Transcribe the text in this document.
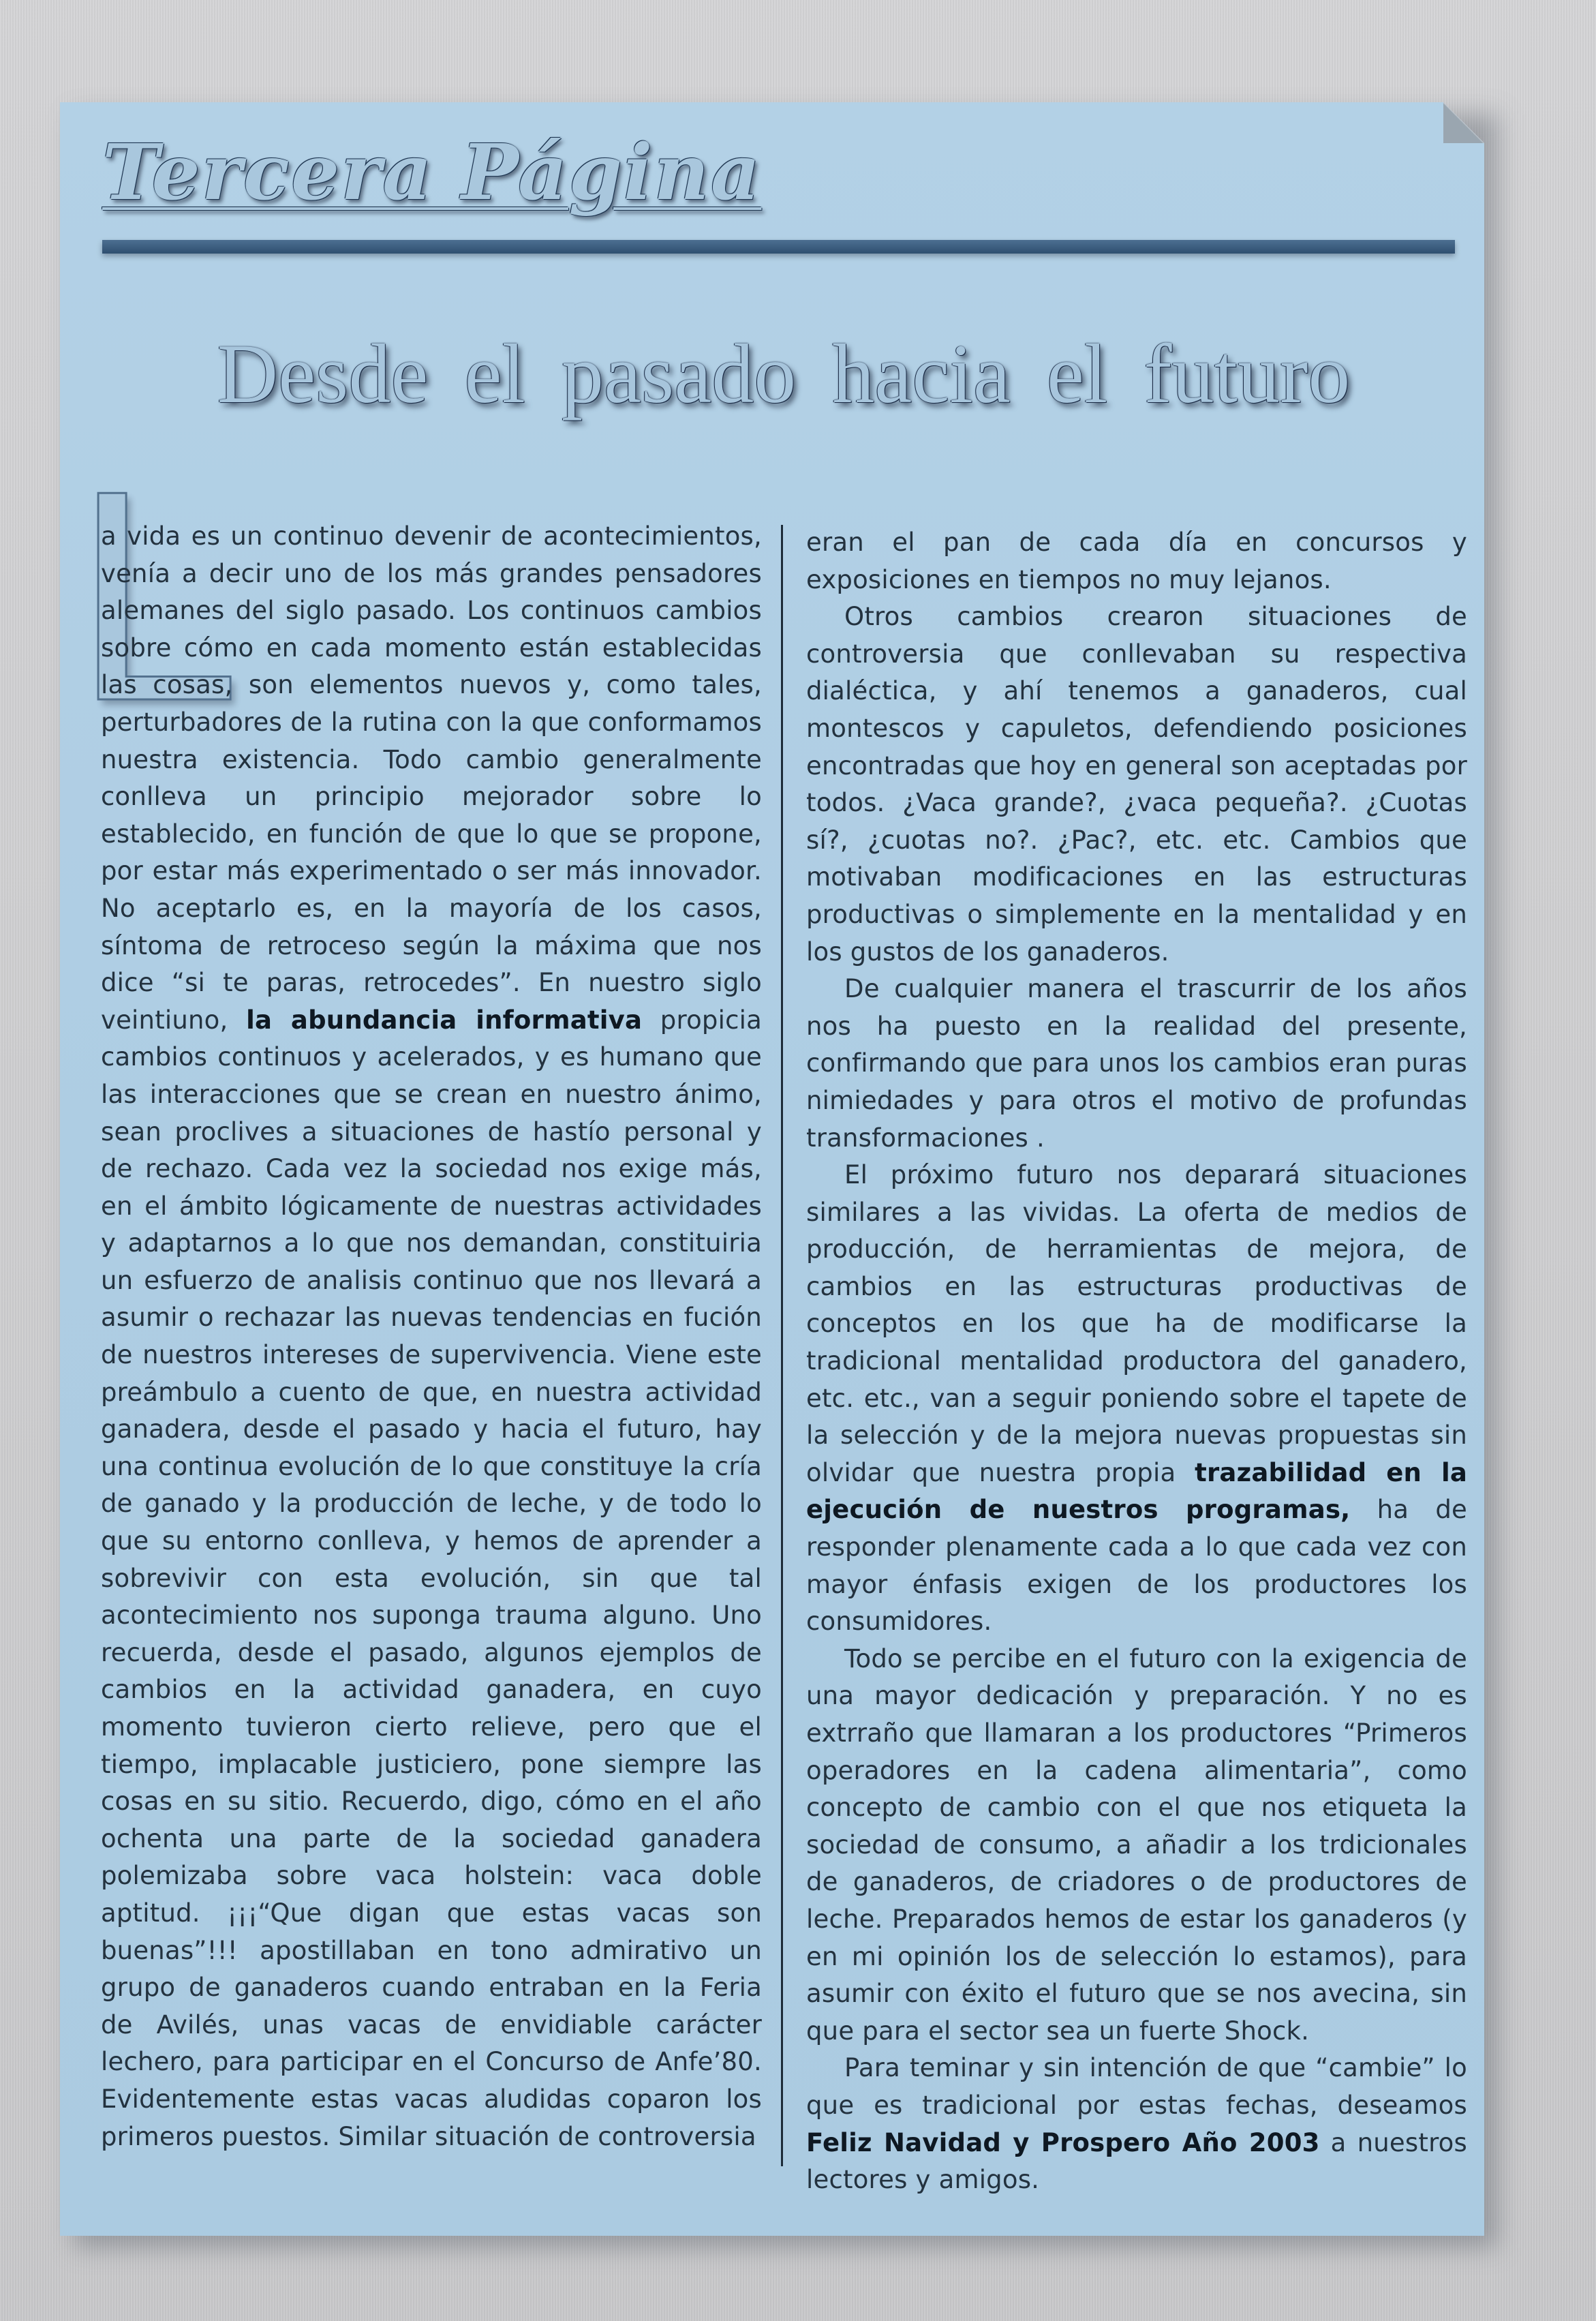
Tercera Página
Desde el pasado hacia el futuro
L

a vida es un continuo devenir de acontecimientos, venía a decir uno de los más grandes pensadores alemanes del siglo pasado. Los continuos cambios sobre cómo en cada momento están establecidas las cosas, son elementos nuevos y, como tales, perturbadores de la rutina con la que conformamos nuestra existencia. Todo cambio generalmente conlleva un principio mejorador sobre lo establecido, en función de que lo que se propone, por estar más experimentado o ser más innovador. No aceptarlo es, en la mayoría de los casos, síntoma de retroceso según la máxima que nos dice “si te paras, retrocedes”. En nuestro siglo veintiuno, la abundancia informativa propicia cambios continuos y acelerados, y es humano que las interacciones que se crean en nuestro ánimo, sean proclives a situaciones de hastío personal y de rechazo. Cada vez la sociedad nos exige más, en el ámbito lógicamente de nuestras actividades y adaptarnos a lo que nos demandan, constituiria un esfuerzo de analisis continuo que nos llevará a asumir o rechazar las nuevas tendencias en fución de nuestros intereses de supervivencia. Viene este preámbulo a cuento de que, en nuestra actividad ganadera, desde el pasado y hacia el futuro, hay una continua evolución de lo que constituye la cría de ganado y la producción de leche, y de todo lo que su entorno conlleva, y hemos de aprender a sobrevivir con esta evolución, sin que tal acontecimiento nos suponga trauma alguno. Uno recuerda, desde el pasado, algunos ejemplos de cambios en la actividad ganadera, en cuyo momento tuvieron cierto relieve, pero que el tiempo, implacable justiciero, pone siempre las cosas en su sitio. Recuerdo, digo, cómo en el año ochenta una parte de la sociedad ganadera polemizaba sobre vaca holstein: vaca doble aptitud. ¡¡¡“Que digan que estas vacas son buenas”!!! apostillaban en tono admirativo un grupo de ganaderos cuando entraban en la Feria de Avilés, unas vacas de envidiable carácter lechero, para participar en el Concurso de Anfe’80. Evidentemente estas vacas aludidas coparon los primeros puestos. Similar situación de controversia

eran el pan de cada día en concursos y exposiciones en tiempos no muy lejanos.

Otros cambios crearon situaciones de controversia que conllevaban su respectiva dialéctica, y ahí tenemos a ganaderos, cual montescos y capuletos, defendiendo posiciones encontradas que hoy en general son aceptadas por todos. ¿Vaca grande?, ¿vaca pequeña?. ¿Cuotas sí?, ¿cuotas no?. ¿Pac?, etc. etc. Cambios que motivaban modificaciones en las estructuras productivas o simplemente en la mentalidad y en los gustos de los ganaderos.

De cualquier manera el trascurrir de los años nos ha puesto en la realidad del presente, confirmando que para unos los cambios eran puras nimiedades y para otros el motivo de profundas transformaciones .

El próximo futuro nos deparará situaciones similares a las vividas. La oferta de medios de producción, de herramientas de mejora, de cambios en las estructuras productivas de conceptos en los que ha de modificarse la tradicional mentalidad productora del ganadero, etc. etc., van a seguir poniendo sobre el tapete de la selección y de la mejora nuevas propuestas sin olvidar que nuestra propia trazabilidad en la ejecución de nuestros programas, ha de responder plenamente cada a lo que cada vez con mayor énfasis exigen de los productores los consumidores.

Todo se percibe en el futuro con la exigencia de una mayor dedicación y preparación. Y no es extrraño que llamaran a los productores “Primeros operadores en la cadena alimentaria”, como concepto de cambio con el que nos etiqueta la sociedad de consumo, a añadir a los trdicionales de ganaderos, de criadores o de productores de leche. Preparados hemos de estar los ganaderos (y en mi opinión los de selección lo estamos), para asumir con éxito el futuro que se nos avecina, sin que para el sector sea un fuerte Shock.

Para teminar y sin intención de que “cambie” lo que es tradicional por estas fechas, deseamos Feliz Navidad y Prospero Año 2003 a nuestros lectores y amigos.
